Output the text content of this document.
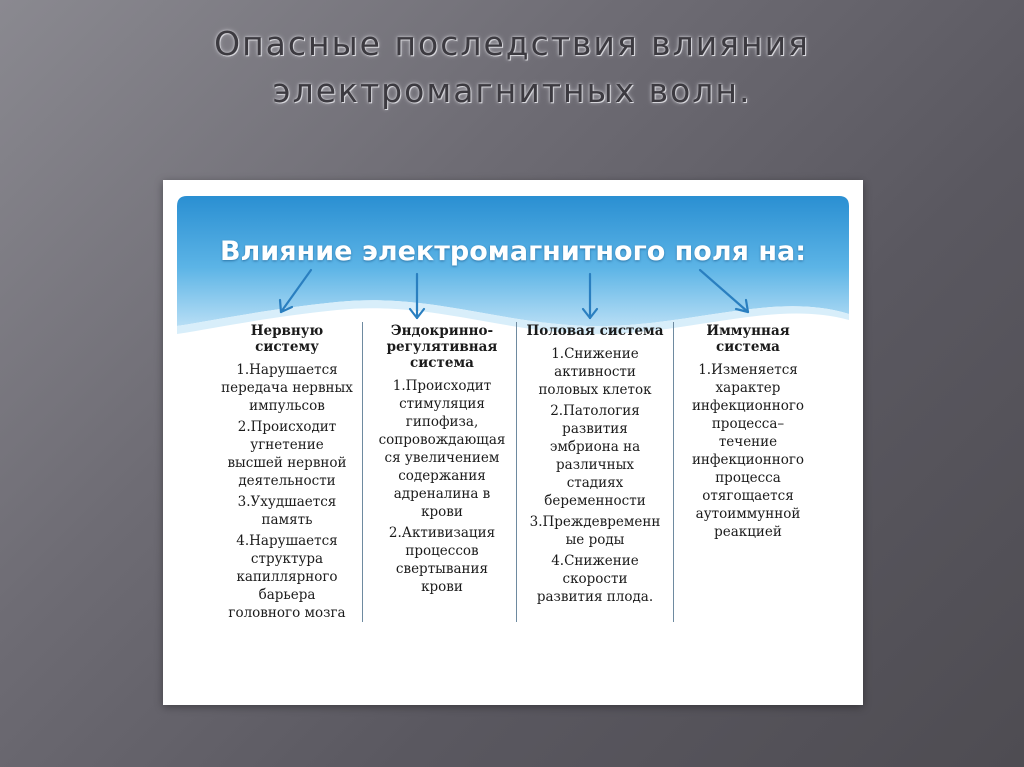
Опасные последствия влияния
электромагнитных волн.
Влияние электромагнитного поля на:
Нервную
систему
1.Нарушается
передача нервных
импульсов
2.Происходит
угнетение
высшей нервной
деятельности
3.Ухудшается
память
4.Нарушается
структура
капиллярного
барьера
головного мозга
Эндокринно-
регулятивная
система
1.Происходит
стимуляция
гипофиза,
сопровождающая
ся увеличением
содержания
адреналина в
крови
2.Активизация
процессов
свертывания
крови
Половая система
1.Снижение
активности
половых клеток
2.Патология
развития
эмбриона на
различных
стадиях
беременности
3.Преждевременн
ые роды
4.Снижение
скорости
развития плода.
Иммунная
система
1.Изменяется
характер
инфекционного
процесса–
течение
инфекционного
процесса
отягощается
аутоиммунной
реакцией
